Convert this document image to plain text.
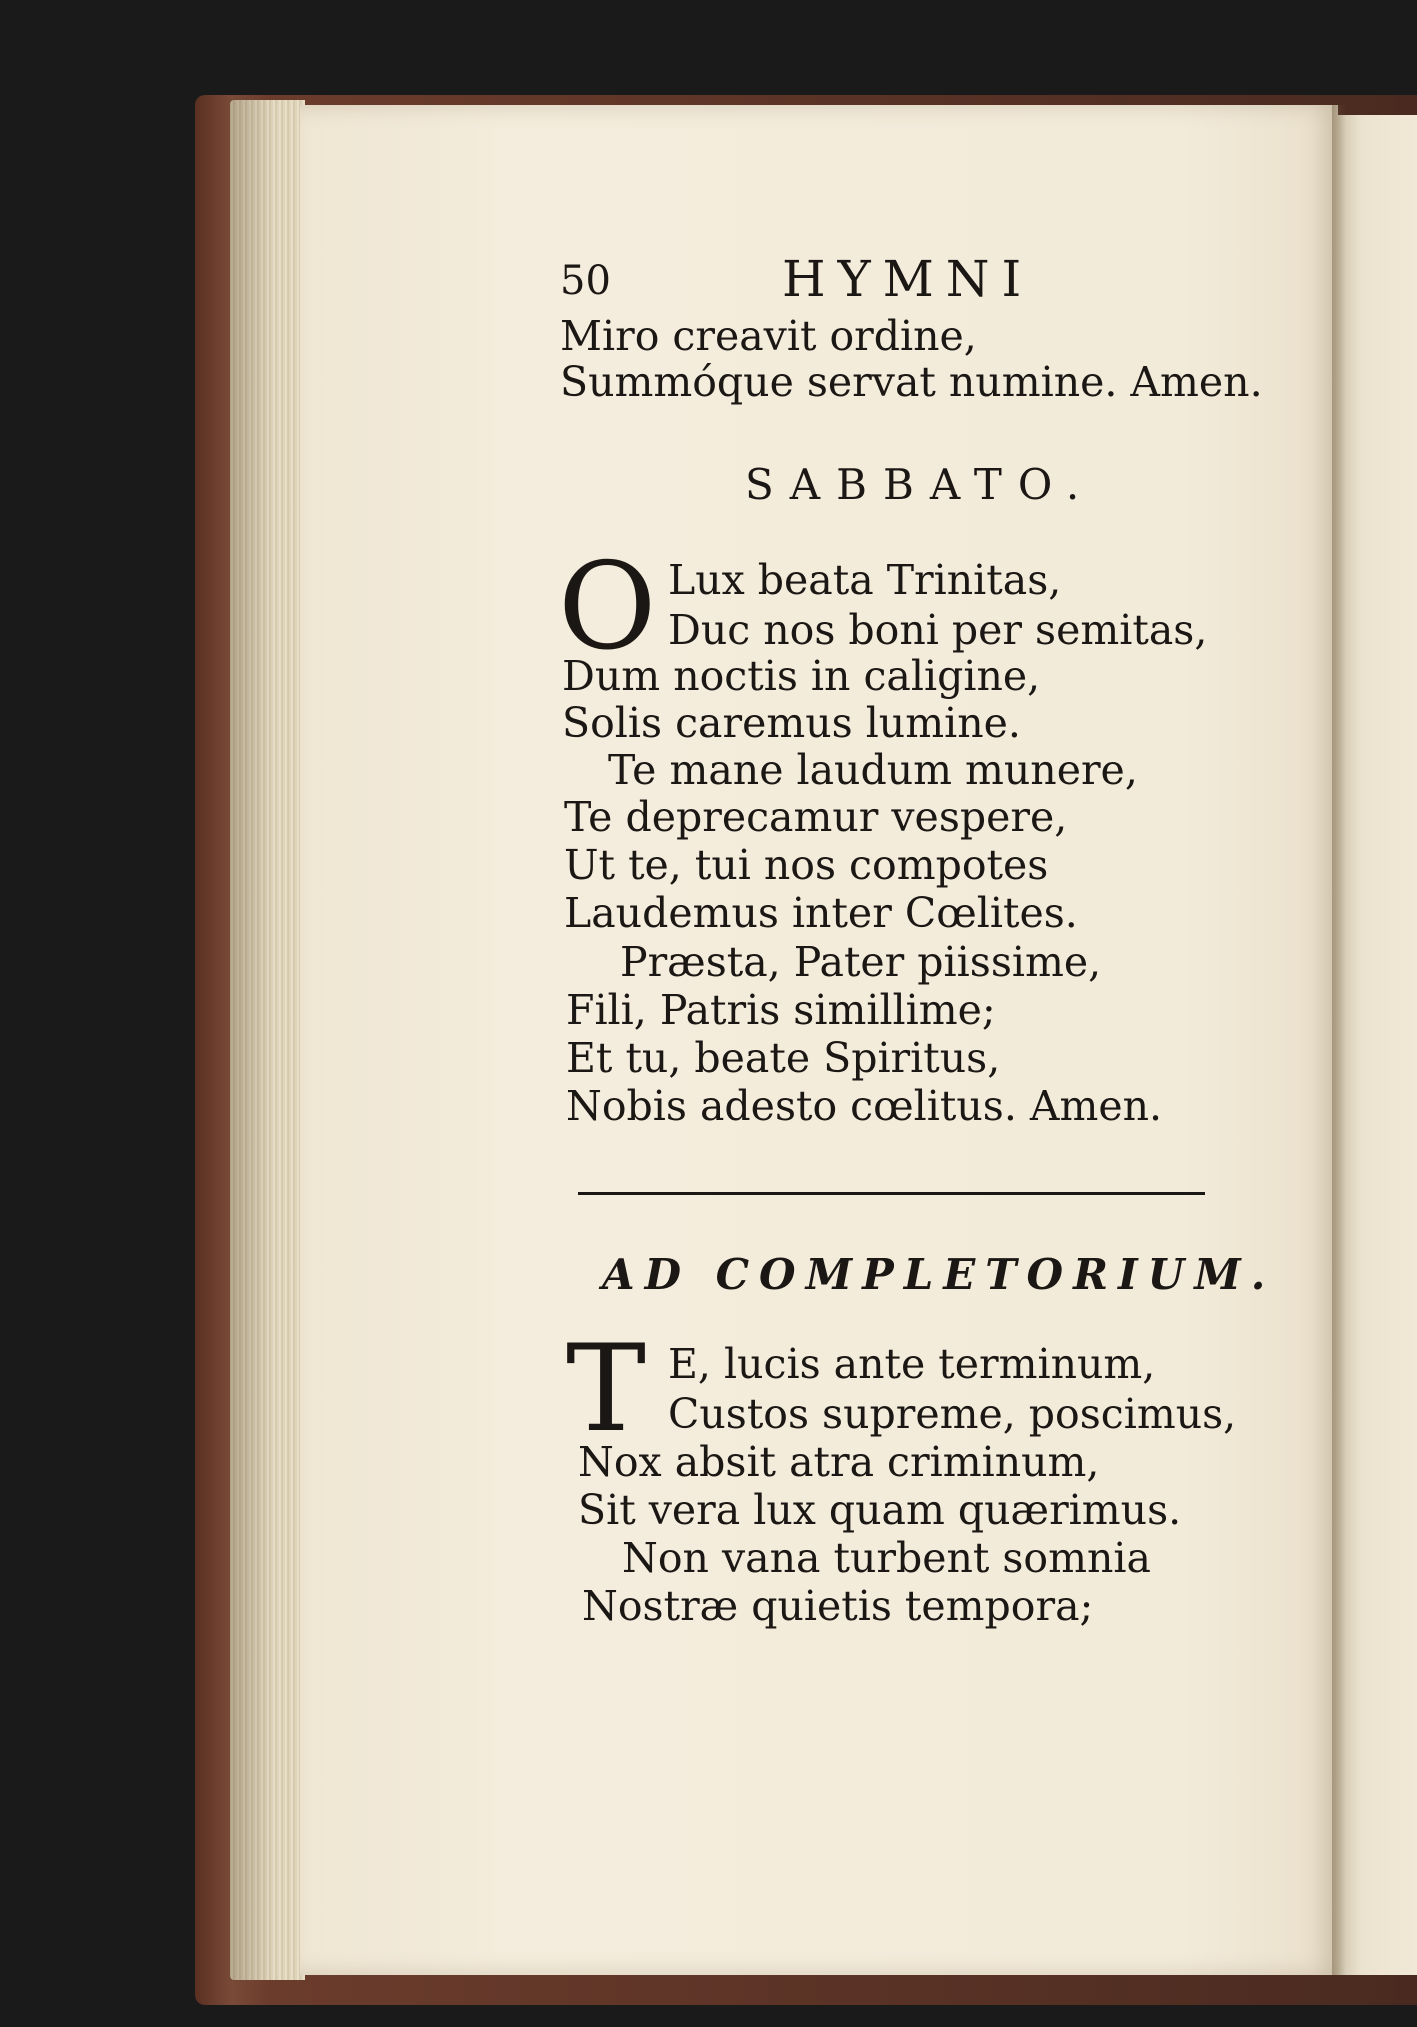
50	HYMNI
Miro creavit ordine,
Summóque servat numine. Amen.
SABBATO.
O Lux beata Trinitas,
Duc nos boni per semitas,
Dum noctis in caligine,
Solis caremus lumine.
Te mane laudum munere,
Te deprecamur vespere,
Ut te, tui nos compotes
Laudemus inter Cœlites.
Præsta, Pater piissime,
Fili, Patris simillime;
Et tu, beate Spiritus,
Nobis adesto cœlitus. Amen.
AD COMPLETORIUM.
T E, lucis ante terminum,
Custos supreme, poscimus,
Nox absit atra criminum,
Sit vera lux quam quærimus.
Non vana turbent somnia
Nostræ quietis tempora;
